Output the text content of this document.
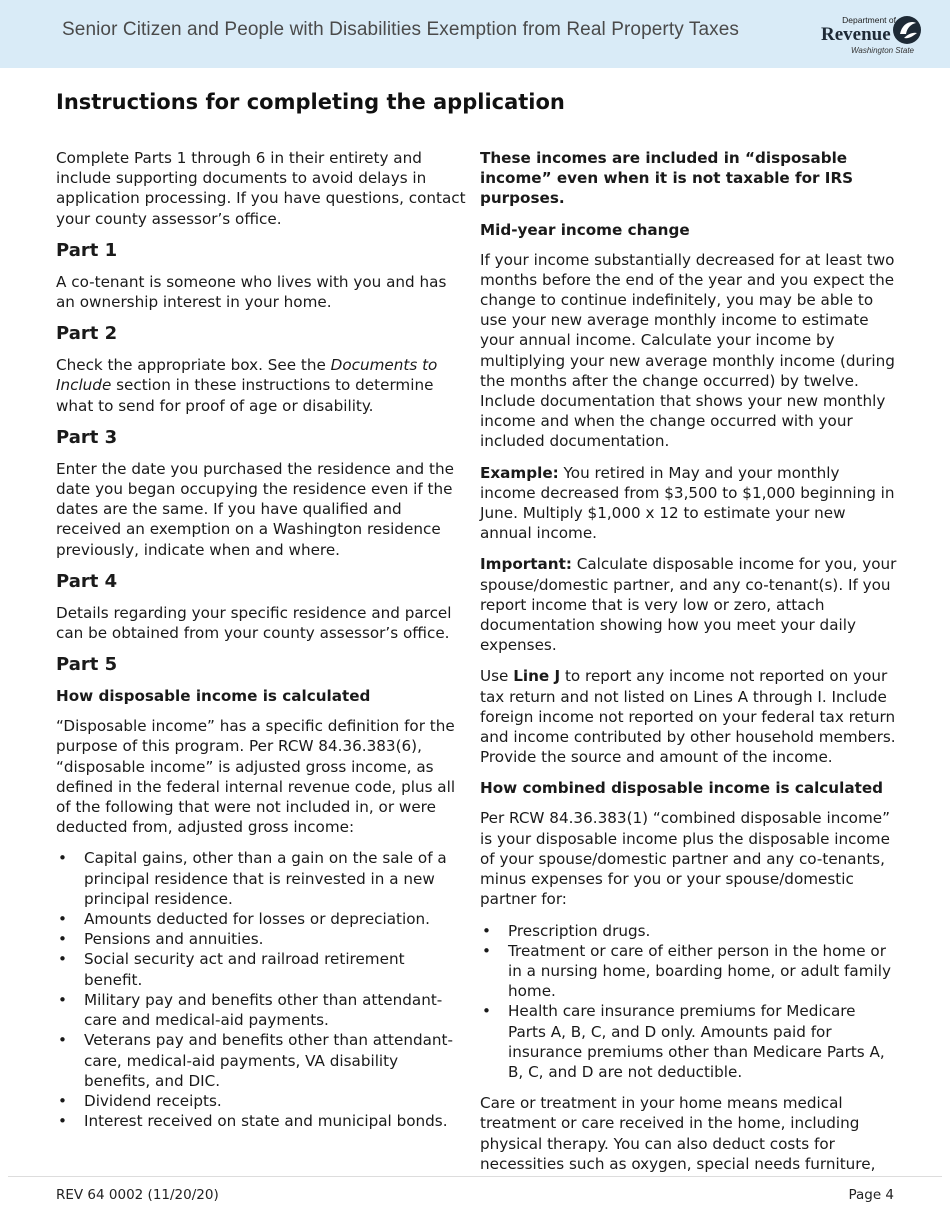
Senior Citizen and People with Disabilities Exemption from Real Property Taxes	Department of
Revenue
Washington State
Instructions for completing the application

Complete Parts 1 through 6 in their entirety and include supporting documents to avoid delays in application processing. If you have questions, contact your county assessor’s office.

Part 1

A co-tenant is someone who lives with you and has an ownership interest in your home.

Part 2

Check the appropriate box. See the Documents to Include section in these instructions to determine what to send for proof of age or disability.

Part 3

Enter the date you purchased the residence and the date you began occupying the residence even if the dates are the same. If you have qualified and received an exemption on a Washington residence previously, indicate when and where.

Part 4

Details regarding your specific residence and parcel can be obtained from your county assessor’s office.

Part 5
How disposable income is calculated

“Disposable income” has a specific definition for the purpose of this program. Per RCW 84.36.383(6), “disposable income” is adjusted gross income, as defined in the federal internal revenue code, plus all of the following that were not included in, or were deducted from, adjusted gross income:

• Capital gains, other than a gain on the sale of a principal residence that is reinvested in a new principal residence.
• Amounts deducted for losses or depreciation.
• Pensions and annuities.
• Social security act and railroad retirement benefit.
• Military pay and benefits other than attendant-care and medical-aid payments.
• Veterans pay and benefits other than attendant-care, medical-aid payments, VA disability benefits, and DIC.
• Dividend receipts.
• Interest received on state and municipal bonds.

These incomes are included in “disposable income” even when it is not taxable for IRS purposes.

Mid-year income change

If your income substantially decreased for at least two months before the end of the year and you expect the change to continue indefinitely, you may be able to use your new average monthly income to estimate your annual income. Calculate your income by multiplying your new average monthly income (during the months after the change occurred) by twelve. Include documentation that shows your new monthly income and when the change occurred with your included documentation.

Example: You retired in May and your monthly income decreased from $3,500 to $1,000 beginning in June. Multiply $1,000 x 12 to estimate your new annual income.

Important: Calculate disposable income for you, your spouse/domestic partner, and any co-tenant(s). If you report income that is very low or zero, attach documentation showing how you meet your daily expenses.

Use Line J to report any income not reported on your tax return and not listed on Lines A through I. Include foreign income not reported on your federal tax return and income contributed by other household members. Provide the source and amount of the income.

How combined disposable income is calculated

Per RCW 84.36.383(1) “combined disposable income” is your disposable income plus the disposable income of your spouse/domestic partner and any co-tenants, minus expenses for you or your spouse/domestic partner for:

• Prescription drugs.
• Treatment or care of either person in the home or in a nursing home, boarding home, or adult family home.
• Health care insurance premiums for Medicare Parts A, B, C, and D only. Amounts paid for insurance premiums other than Medicare Parts A, B, C, and D are not deductible.

Care or treatment in your home means medical treatment or care received in the home, including physical therapy. You can also deduct costs for necessities such as oxygen, special needs furniture,

REV 64 0002 (11/20/20)	Page 4
